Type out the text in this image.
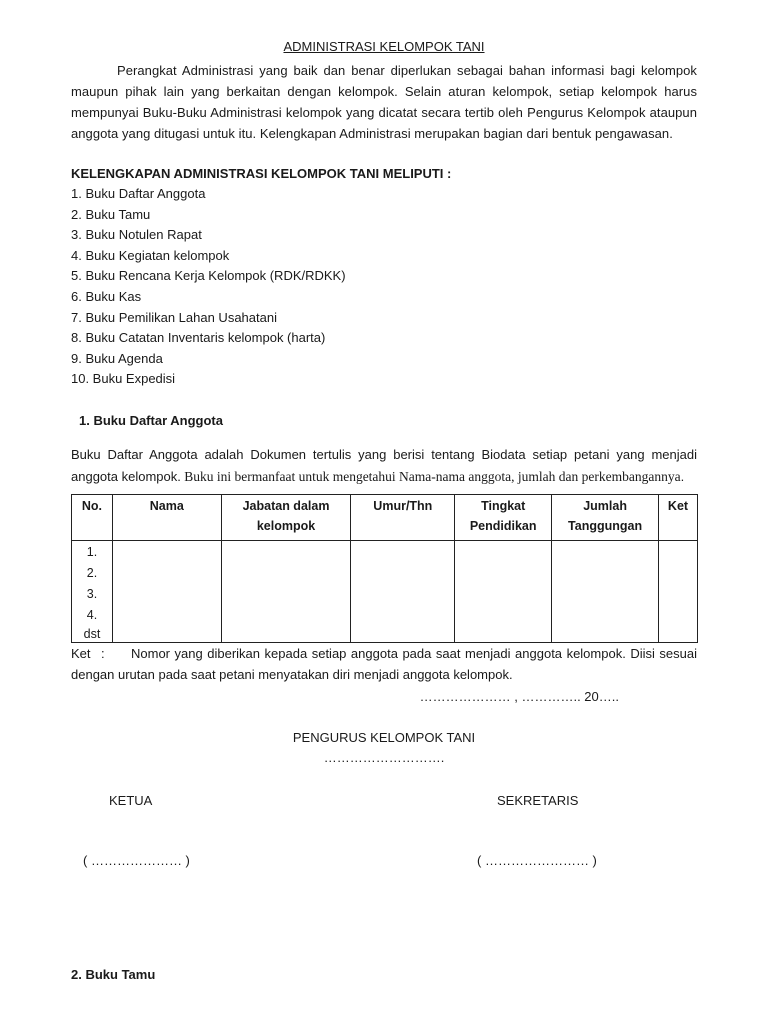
ADMINISTRASI KELOMPOK TANI

Perangkat Administrasi yang baik dan benar diperlukan sebagai bahan informasi bagi kelompok maupun pihak lain yang berkaitan dengan kelompok. Selain aturan kelompok, setiap kelompok harus mempunyai Buku-Buku Administrasi kelompok yang dicatat secara tertib oleh Pengurus Kelompok ataupun anggota yang ditugasi untuk itu. Kelengkapan Administrasi merupakan bagian dari bentuk pengawasan.

KELENGKAPAN ADMINISTRASI KELOMPOK TANI MELIPUTI :

1. Buku Daftar Anggota
2. Buku Tamu
3. Buku Notulen Rapat
4. Buku Kegiatan kelompok
5. Buku Rencana Kerja Kelompok (RDK/RDKK)
6. Buku Kas
7. Buku Pemilikan Lahan Usahatani
8. Buku Catatan Inventaris kelompok (harta)
9. Buku Agenda
10. Buku Expedisi

1. Buku Daftar Anggota

Buku Daftar Anggota adalah Dokumen tertulis yang berisi tentang Biodata setiap petani yang menjadi anggota kelompok. Buku ini bermanfaat untuk mengetahui Nama-nama anggota, jumlah dan perkembangannya.

No.	Nama	Jabatan dalam kelompok	Umur/Thn	Tingkat Pendidikan	Jumlah Tanggungan	Ket

1.
2.
3.
4.
dst						

Ket : Nomor yang diberikan kepada setiap anggota pada saat menjadi anggota kelompok. Diisi sesuai dengan urutan pada saat petani menyatakan diri menjadi anggota kelompok.

………………… , ………….. 20…..

PENGURUS KELOMPOK TANI

……………………….

KETUA	SEKRETARIS
( ………………… )	( …………………… )

2. Buku Tamu
